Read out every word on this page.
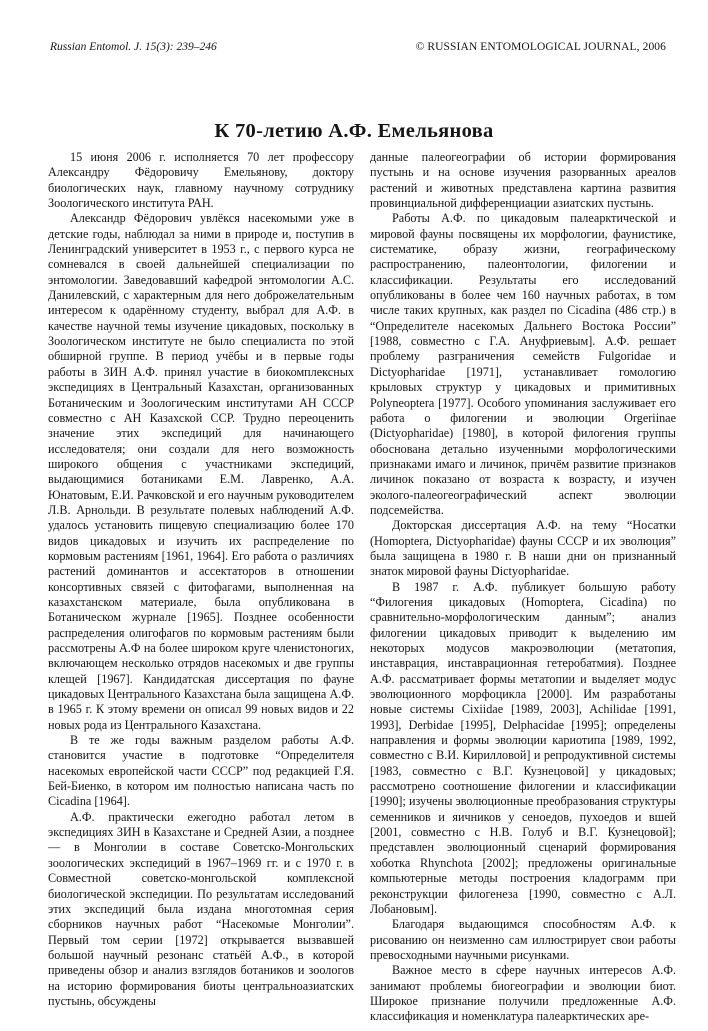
Russian Entomol. J. 15(3): 239–246	© RUSSIAN ENTOMOLOGICAL JOURNAL, 2006
К 70-летию А.Ф. Емельянова

15 июня 2006 г. исполняется 70 лет профессору Александру Фёдоровичу Емельянову, доктору биологических наук, главному научному сотруднику Зоологического института РАН.

Александр Фёдорович увлёкся насекомыми уже в детские годы, наблюдал за ними в природе и, поступив в Ленинградский университет в 1953 г., с первого курса не сомневался в своей дальнейшей специализации по энтомологии. Заведовавший кафедрой энтомологии А.С. Данилевский, с характерным для него доброжелательным интересом к одарённому студенту, выбрал для А.Ф. в качестве научной темы изучение цикадовых, поскольку в Зоологическом институте не было специалиста по этой обширной группе. В период учёбы и в первые годы работы в ЗИН А.Ф. принял участие в биокомплексных экспедициях в Центральный Казахстан, организованных Ботаническим и Зоологическим институтами АН СССР совместно с АН Казахской ССР. Трудно переоценить значение этих экспедиций для начинающего исследователя; они создали для него возможность широкого общения с участниками экспедиций, выдающимися ботаниками Е.М. Лавренко, А.А. Юнатовым, Е.И. Рачковской и его научным руководителем Л.В. Арнольди. В результате полевых наблюдений А.Ф. удалось установить пищевую специализацию более 170 видов цикадовых и изучить их распределение по кормовым растениям [1961, 1964]. Его работа о различиях растений доминантов и ассектаторов в отношении консортивных связей с фитофагами, выполненная на казахстанском материале, была опубликована в Ботаническом журнале [1965]. Позднее особенности распределения олигофагов по кормовым растениям были рассмотрены А.Ф на более широком круге членистоногих, включающем несколько отрядов насекомых и две группы клещей [1967]. Кандидатская диссертация по фауне цикадовых Центрального Казахстана была защищена А.Ф. в 1965 г. К этому времени он описал 99 новых видов и 22 новых рода из Центрального Казахстана.

В те же годы важным разделом работы А.Ф. становится участие в подготовке “Определителя насекомых европейской части СССР” под редакцией Г.Я. Бей-Биенко, в котором им полностью написана часть по Cicadina [1964].

А.Ф. практически ежегодно работал летом в экспедициях ЗИН в Казахстане и Средней Азии, а позднее — в Монголии в составе Советско-Монгольских зоологических экспедиций в 1967–1969 гг. и с 1970 г. в Совместной советско-монгольской комплексной биологической экспедиции. По результатам исследований этих экспедиций была издана многотомная серия сборников научных работ “Насекомые Монголии”. Первый том серии [1972] открывается вызвавшей большой научный резонанс статьёй А.Ф., в которой приведены обзор и анализ взглядов ботаников и зоологов на историю формирования биоты центральноазиатских пустынь, обсуждены

данные палеогеографии об истории формирования пустынь и на основе изучения разорванных ареалов растений и животных представлена картина развития провинциальной дифференциации азиатских пустынь.

Работы А.Ф. по цикадовым палеарктической и мировой фауны посвящены их морфологии, фаунистике, систематике, образу жизни, географическому распространению, палеонтологии, филогении и классификации. Результаты его исследований опубликованы в более чем 160 научных работах, в том числе таких крупных, как раздел по Cicadina (486 стр.) в “Определителе насекомых Дальнего Востока России” [1988, совместно с Г.А. Ануфриевым]. А.Ф. решает проблему разграничения семейств Fulgoridae и Dictyopharidae [1971], устанавливает гомологию крыловых структур у цикадовых и примитивных Polyneoptera [1977]. Особого упоминания заслуживает его работа о филогении и эволюции Orgeriinae (Dictyopharidae) [1980], в которой филогения группы обоснована детально изученными морфологическими признаками имаго и личинок, причём развитие признаков личинок показано от возраста к возрасту, и изучен эколого-палеогеографический аспект эволюции подсемейства.

Докторская диссертация А.Ф. на тему “Носатки (Homoptera, Dictyopharidae) фауны СССР и их эволюция” была защищена в 1980 г. В наши дни он признанный знаток мировой фауны Dictyopharidae.

В 1987 г. А.Ф. публикует большую работу “Филогения цикадовых (Homoptera, Cicadina) по сравнительно-морфологическим данным”; анализ филогении цикадовых приводит к выделению им некоторых модусов макроэволюции (метатопия, инставрация, инставрационная гетеробатмия). Позднее А.Ф. рассматривает формы метатопии и выделяет модус эволюционного морфоцикла [2000]. Им разработаны новые системы Cixiidae [1989, 2003], Achilidae [1991, 1993], Derbidae [1995], Delphacidae [1995]; определены направления и формы эволюции кариотипа [1989, 1992, совместно с В.И. Кирилловой] и репродуктивной системы [1983, совместно с В.Г. Кузнецовой] у цикадовых; рассмотрено соотношение филогении и классификации [1990]; изучены эволюционные преобразования структуры семенников и яичников у сеноедов, пухоедов и вшей [2001, совместно с Н.В. Голуб и В.Г. Кузнецовой]; представлен эволюционный сценарий формирования хоботка Rhynchota [2002]; предложены оригинальные компьютерные методы построения кладограмм при реконструкции филогенеза [1990, совместно с А.Л. Лобановым].

Благодаря выдающимся способностям А.Ф. к рисованию он неизменно сам иллюстрирует свои работы превосходными научными рисунками.

Важное место в сфере научных интересов А.Ф. занимают проблемы биогеографии и эволюции биот. Широкое признание получили предложенные А.Ф. классификация и номенклатура палеарктических аре-
